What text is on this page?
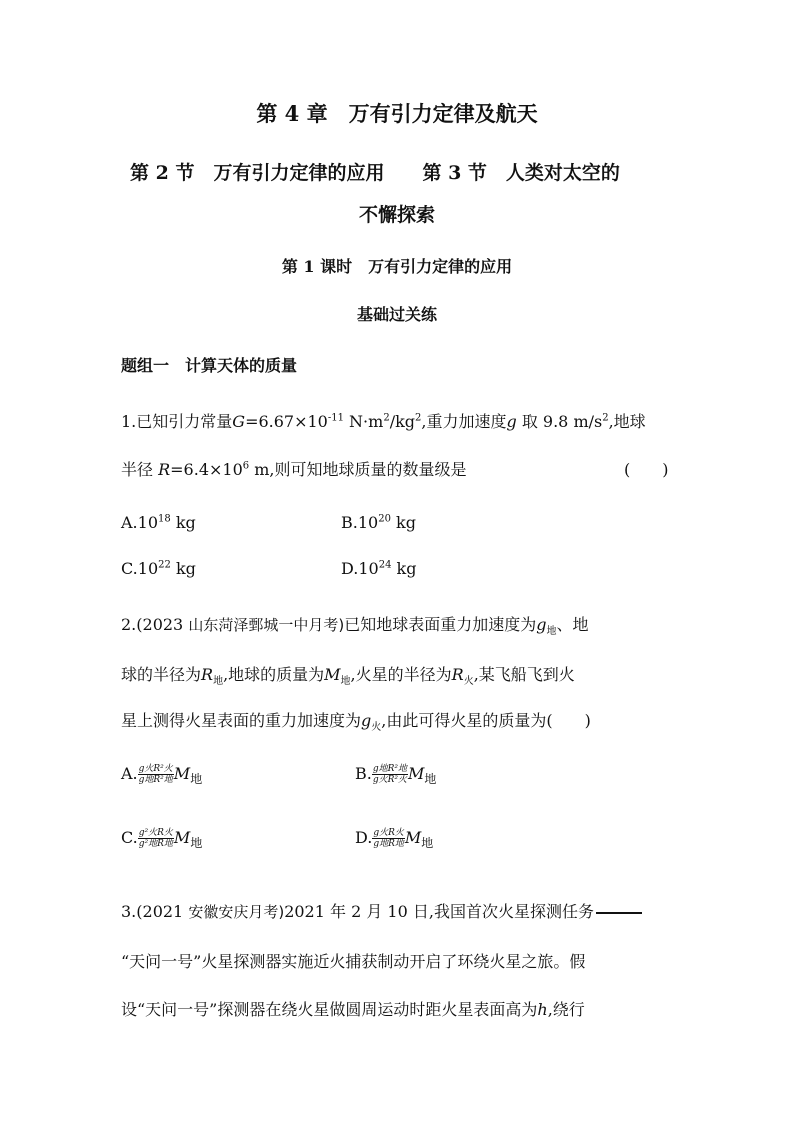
第 4 章　万有引力定律及航天
第 2 节　万有引力定律的应用　　第 3 节　人类对太空的
不懈探索
第 1 课时　万有引力定律的应用
基础过关练
题组一　计算天体的质量
1.已知引力常量$G=6.67\times 10^{-11}$ $N\cdot m^2/kg^2$,重力加速度g 取 9.8 $m/s^2$,地球
半径 $R=6.4\times 10^6$ m,则可知地球质量的数量级是	(　　)
$A.10^{18}$ kg	$B.10^{20}$ kg
$C.10^{22}$ kg	$D.10^{24}$ kg
2.(2023 山东菏泽鄄城一中月考)已知地球表面重力加速度为$g_地$、地
球的半径为$R_地$,地球的质量为$M_地$,火星的半径为$R_火$,某飞船飞到火
星上测得火星表面的重力加速度为$g_火$,由此可得火星的质量为(　　)
A. $\frac{\text{g火R²火}}{\text{g地R²地}} M_地$	B. $\frac{\text{g地R²地}}{\text{g火R²火}} M_地$
C. $\frac{\text{g²火R火}}{\text{g²地R地}} M_地$	D. $\frac{\text{g火R火}}{\text{g地R地}} M_地$
3.(2021 安徽安庆月考)2021 年 2 月 10 日,我国首次火星探测任务
“天问一号”火星探测器实施近火捕获制动开启了环绕火星之旅。假
设“天问一号”探测器在绕火星做圆周运动时距火星表面高为h,绕行
